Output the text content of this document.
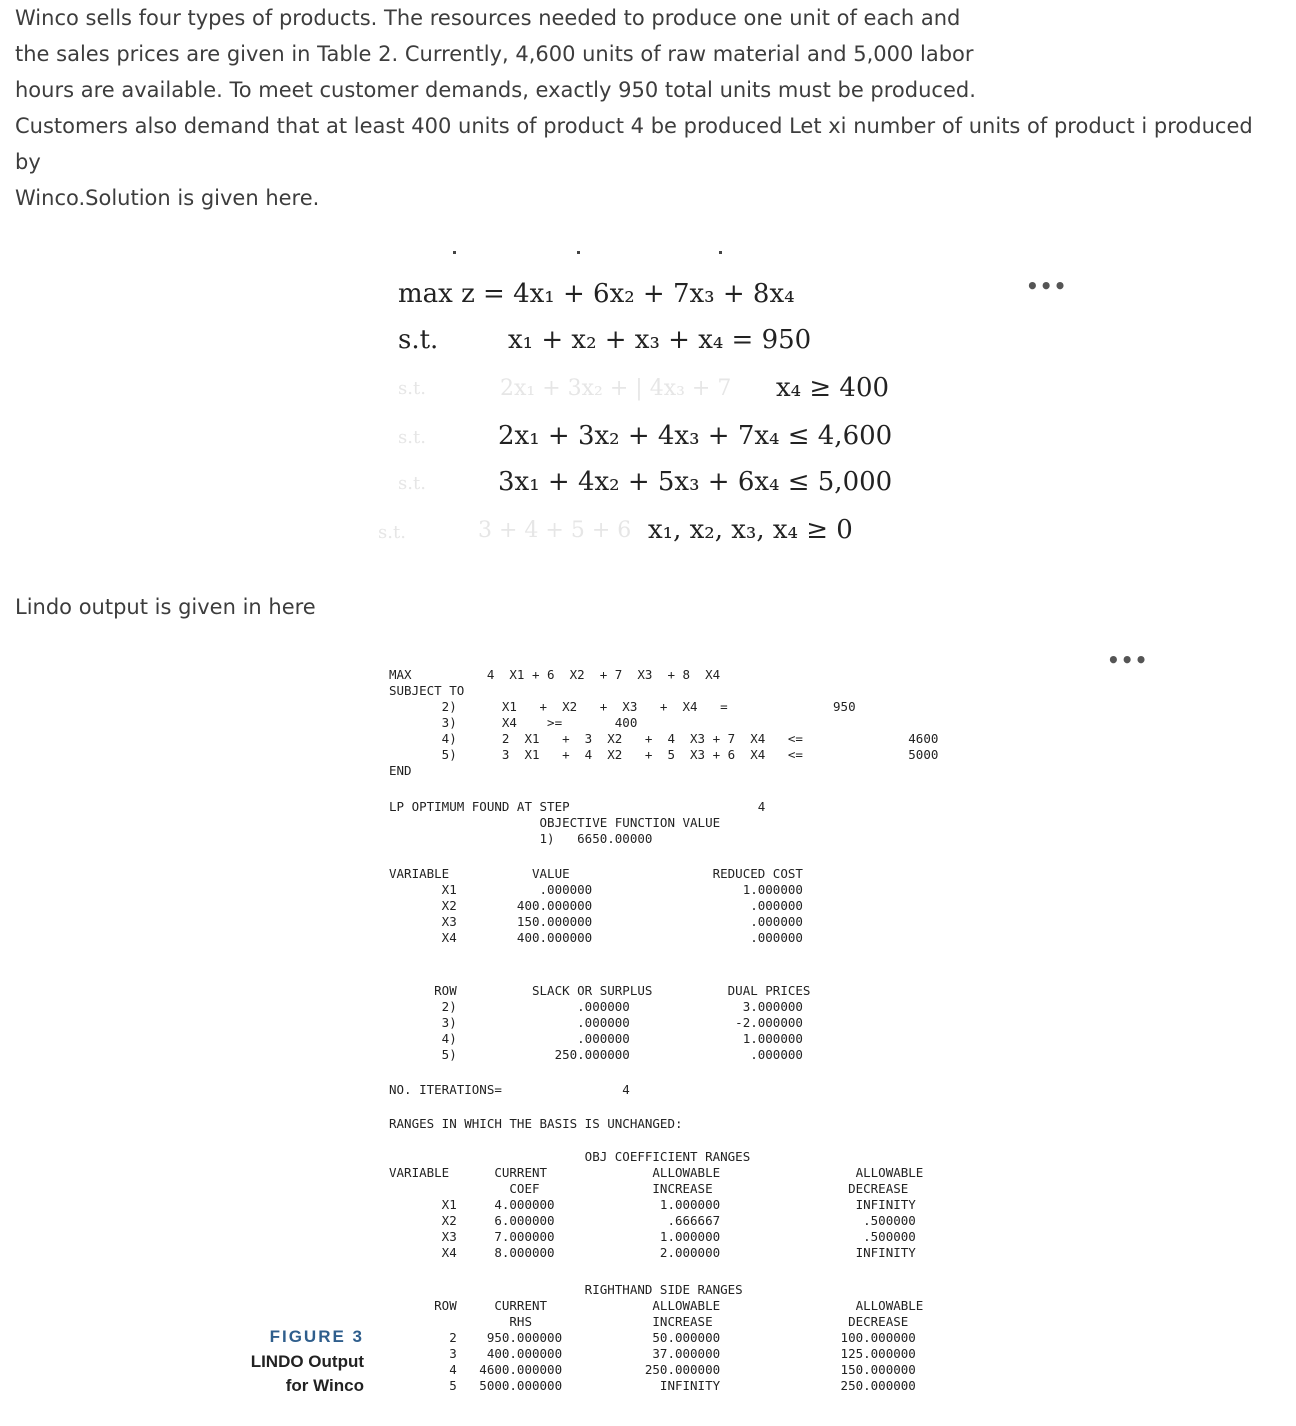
Winco sells four types of products. The resources needed to produce one unit of each and
the sales prices are given in Table 2. Currently, 4,600 units of raw material and 5,000 labor
hours are available. To meet customer demands, exactly 950 total units must be produced.
Customers also demand that at least 400 units of product 4 be produced Let xi number of units of product i produced by
Winco.Solution is given here.
max z = 4x₁ + 6x₂ + 7x₃ + 8x₄
s.t.	x₁ + x₂ + x₃ + x₄ = 950
2x₁ + 3x₂ + | 4x₃ + 7
s.t.	x₄ ≥ 400
s.t.	2x₁ + 3x₂ + 4x₃ + 7x₄ ≤ 4,600
s.t.	3x₁ + 4x₂ + 5x₃ + 6x₄ ≤ 5,000
s.t.	3 + 4 + 5 + 6 x₁, x₂, x₃, x₄ ≥ 0
•••
Lindo output is given in here
•••
MAX          4  X1 + 6  X2  + 7  X3  + 8  X4
SUBJECT TO
2)      X1   +  X2   +  X3   +  X4   =              950
3)      X4    >=       400
4)      2  X1   +  3  X2   +  4  X3 + 7  X4   <=              4600
5)      3  X1   +  4  X2   +  5  X3 + 6  X4   <=              5000
END
LP OPTIMUM FOUND AT STEP                         4
OBJECTIVE FUNCTION VALUE
1)   6650.00000
VARIABLE           VALUE                   REDUCED COST
X1           .000000                    1.000000
X2        400.000000                     .000000
X3        150.000000                     .000000
X4        400.000000                     .000000
ROW          SLACK OR SURPLUS          DUAL PRICES
2)                .000000               3.000000
3)                .000000              -2.000000
4)                .000000               1.000000
5)             250.000000                .000000
NO. ITERATIONS=                4
RANGES IN WHICH THE BASIS IS UNCHANGED:
OBJ COEFFICIENT RANGES
VARIABLE      CURRENT              ALLOWABLE                  ALLOWABLE
COEF               INCREASE                  DECREASE
X1     4.000000              1.000000                  INFINITY
X2     6.000000               .666667                   .500000
X3     7.000000              1.000000                   .500000
X4     8.000000              2.000000                  INFINITY
RIGHTHAND SIDE RANGES
ROW     CURRENT              ALLOWABLE                  ALLOWABLE
RHS                INCREASE                  DECREASE
2    950.000000            50.000000                100.000000
3    400.000000            37.000000                125.000000
4   4600.000000           250.000000                150.000000
5   5000.000000             INFINITY                250.000000
FIGURE 3
LINDO Output
for Winco
